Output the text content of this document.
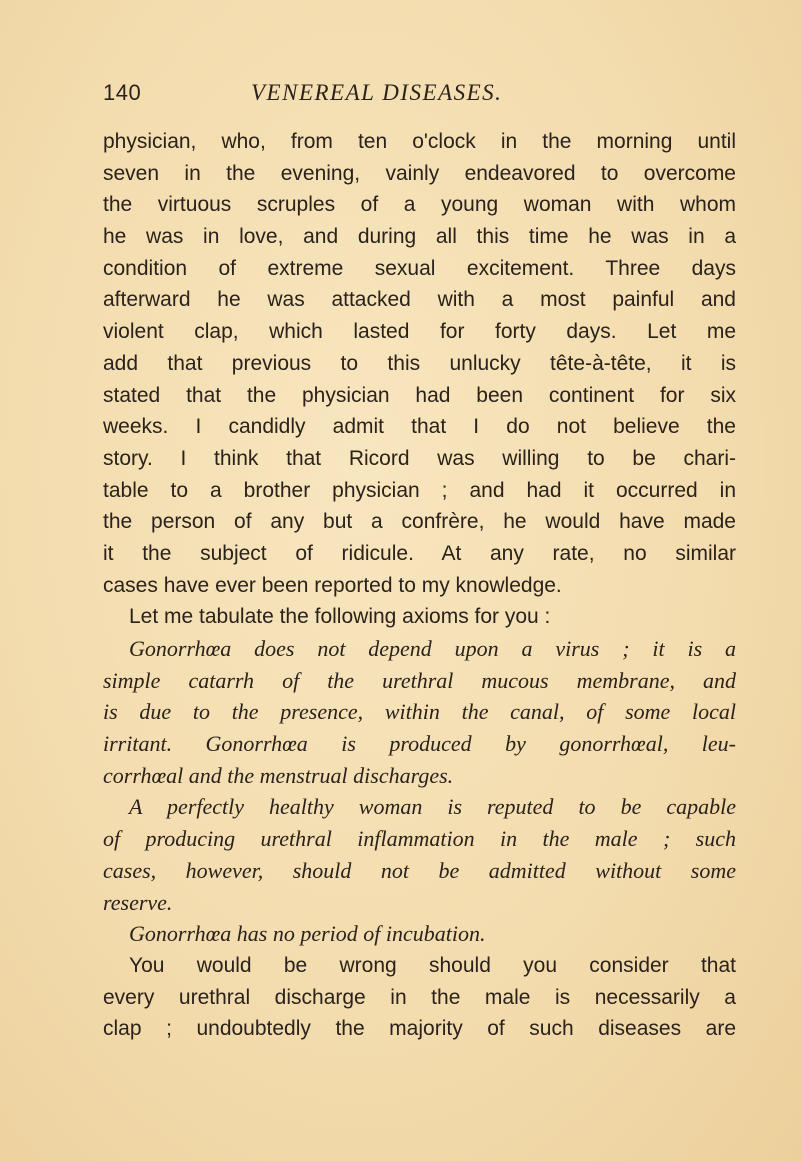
140	VENEREAL DISEASES.
physician, who, from ten o'clock in the morning until
seven in the evening, vainly endeavored to overcome
the virtuous scruples of a young woman with whom
he was in love, and during all this time he was in a
condition of extreme sexual excitement. Three days
afterward he was attacked with a most painful and
violent clap, which lasted for forty days. Let me
add that previous to this unlucky tête-à-tête, it is
stated that the physician had been continent for six
weeks. I candidly admit that I do not believe the
story. I think that Ricord was willing to be chari-
table to a brother physician ; and had it occurred in
the person of any but a confrère, he would have made
it the subject of ridicule. At any rate, no similar
cases have ever been reported to my knowledge.
Let me tabulate the following axioms for you :
Gonorrhœa does not depend upon a virus ; it is a
simple catarrh of the urethral mucous membrane, and
is due to the presence, within the canal, of some local
irritant. Gonorrhœa is produced by gonorrhœal, leu-
corrhœal and the menstrual discharges.
A perfectly healthy woman is reputed to be capable
of producing urethral inflammation in the male ; such
cases, however, should not be admitted without some
reserve.
Gonorrhœa has no period of incubation.
You would be wrong should you consider that
every urethral discharge in the male is necessarily a
clap ; undoubtedly the majority of such diseases are
